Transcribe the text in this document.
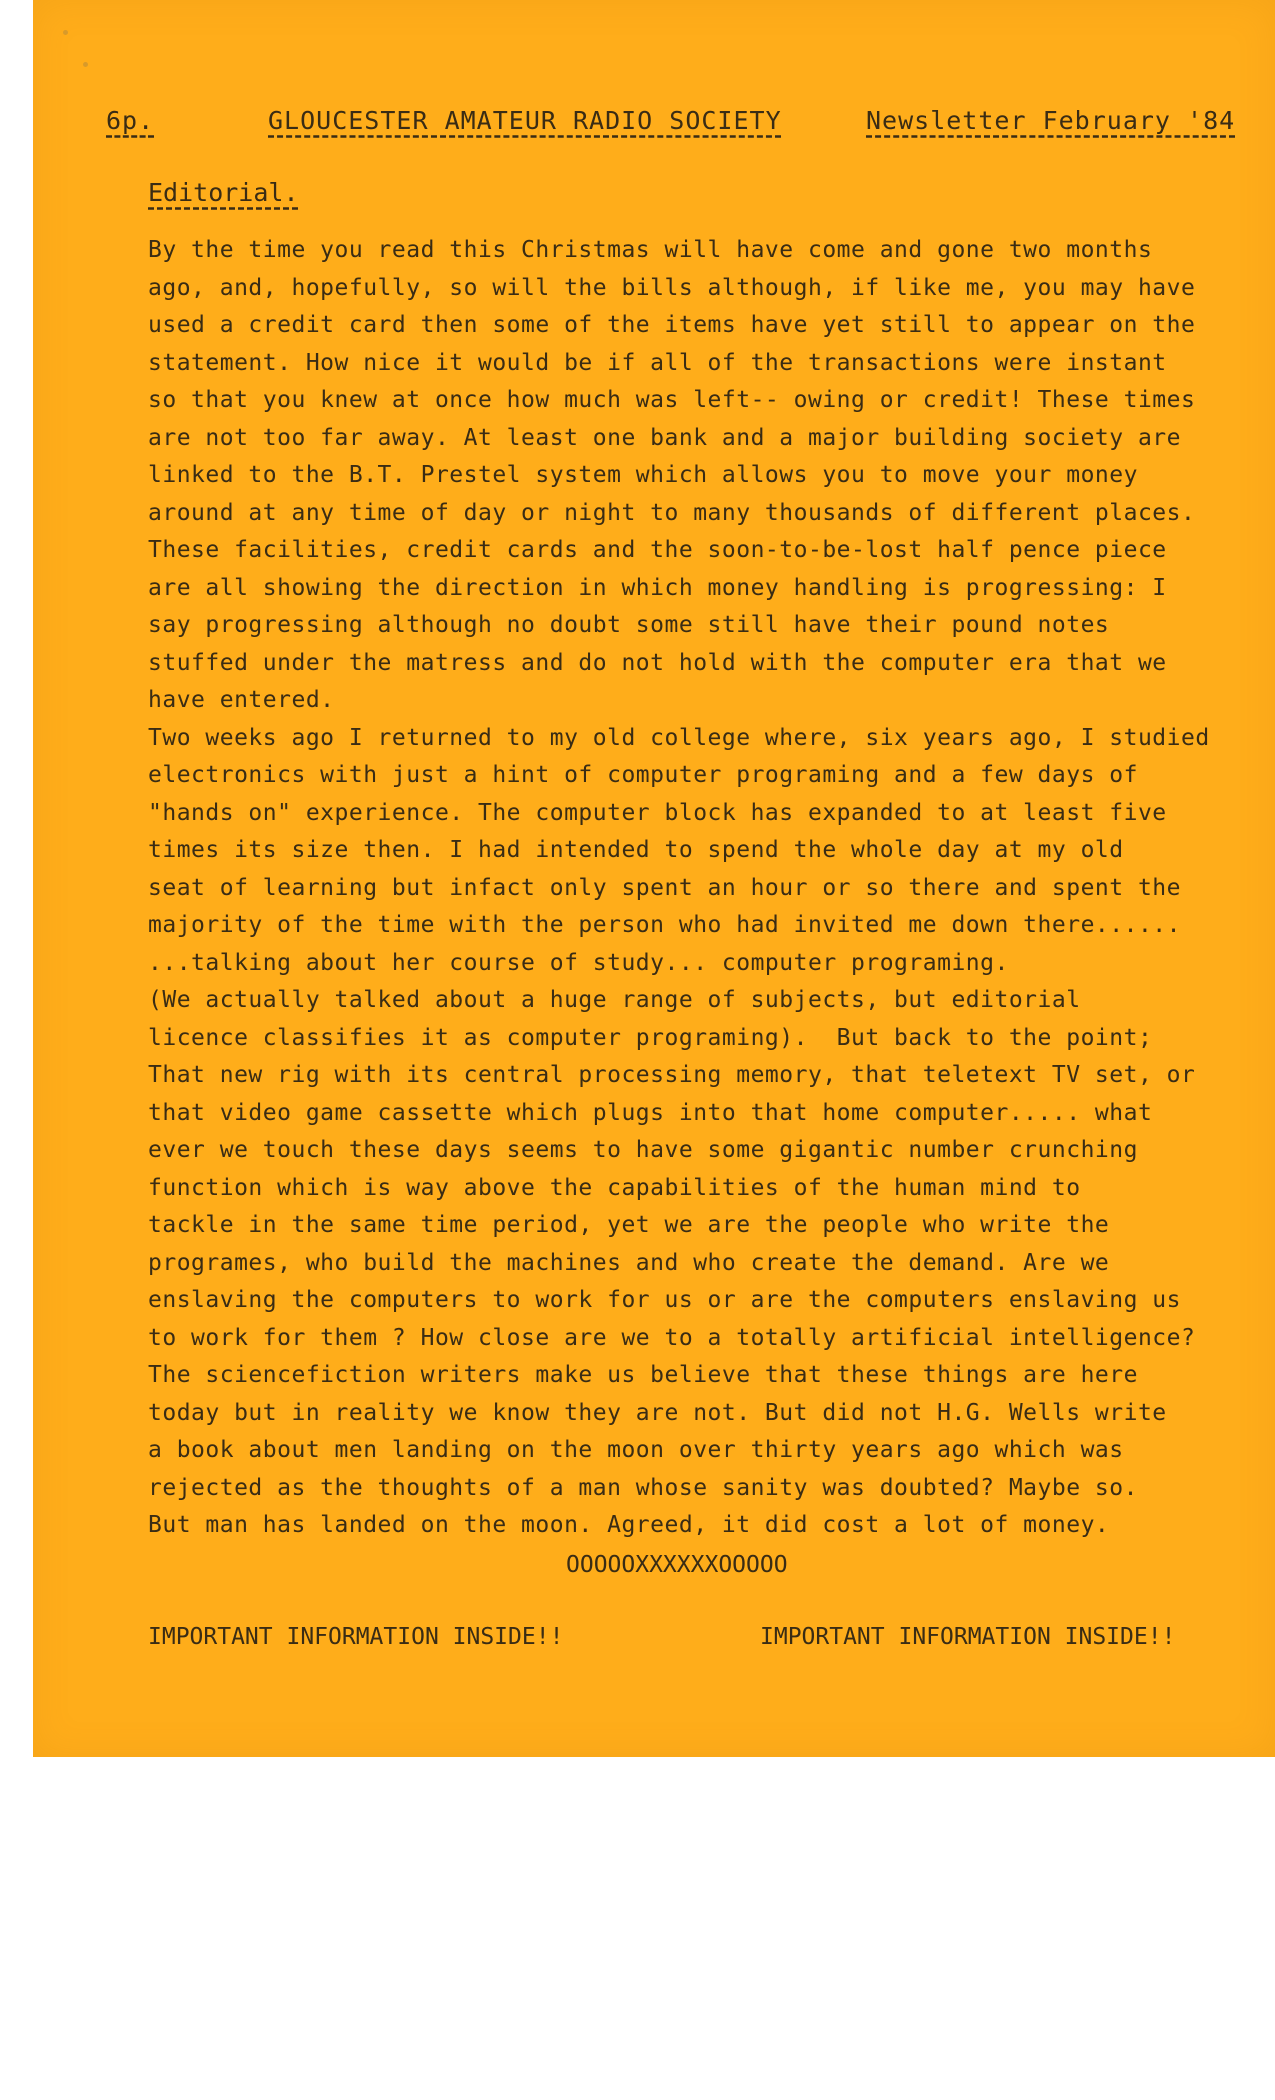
6p.	GLOUCESTER AMATEUR RADIO SOCIETY	Newsletter February '84
Editorial.
By the time you read this Christmas will have come and gone two months
ago, and, hopefully, so will the bills although, if like me, you may have
used a credit card then some of the items have yet still to appear on the
statement. How nice it would be if all of the transactions were instant
so that you knew at once how much was left-- owing or credit! These times
are not too far away. At least one bank and a major building society are
linked to the B.T. Prestel system which allows you to move your money
around at any time of day or night to many thousands of different places.
These facilities, credit cards and the soon-to-be-lost half pence piece
are all showing the direction in which money handling is progressing: I
say progressing although no doubt some still have their pound notes
stuffed under the matress and do not hold with the computer era that we
have entered.
Two weeks ago I returned to my old college where, six years ago, I studied
electronics with just a hint of computer programing and a few days of
"hands on" experience. The computer block has expanded to at least five
times its size then. I had intended to spend the whole day at my old
seat of learning but infact only spent an hour or so there and spent the
majority of the time with the person who had invited me down there......
...talking about her course of study... computer programing.
(We actually talked about a huge range of subjects, but editorial
licence classifies it as computer programing).  But back to the point;
That new rig with its central processing memory, that teletext TV set, or
that video game cassette which plugs into that home computer..... what
ever we touch these days seems to have some gigantic number crunching
function which is way above the capabilities of the human mind to
tackle in the same time period, yet we are the people who write the
programes, who build the machines and who create the demand. Are we
enslaving the computers to work for us or are the computers enslaving us
to work for them ? How close are we to a totally artificial intelligence?
The sciencefiction writers make us believe that these things are here
today but in reality we know they are not. But did not H.G. Wells write
a book about men landing on the moon over thirty years ago which was
rejected as the thoughts of a man whose sanity was doubted? Maybe so.
But man has landed on the moon. Agreed, it did cost a lot of money.
OOOOOXXXXXXOOOOO
IMPORTANT INFORMATION INSIDE!!	IMPORTANT INFORMATION INSIDE!!
